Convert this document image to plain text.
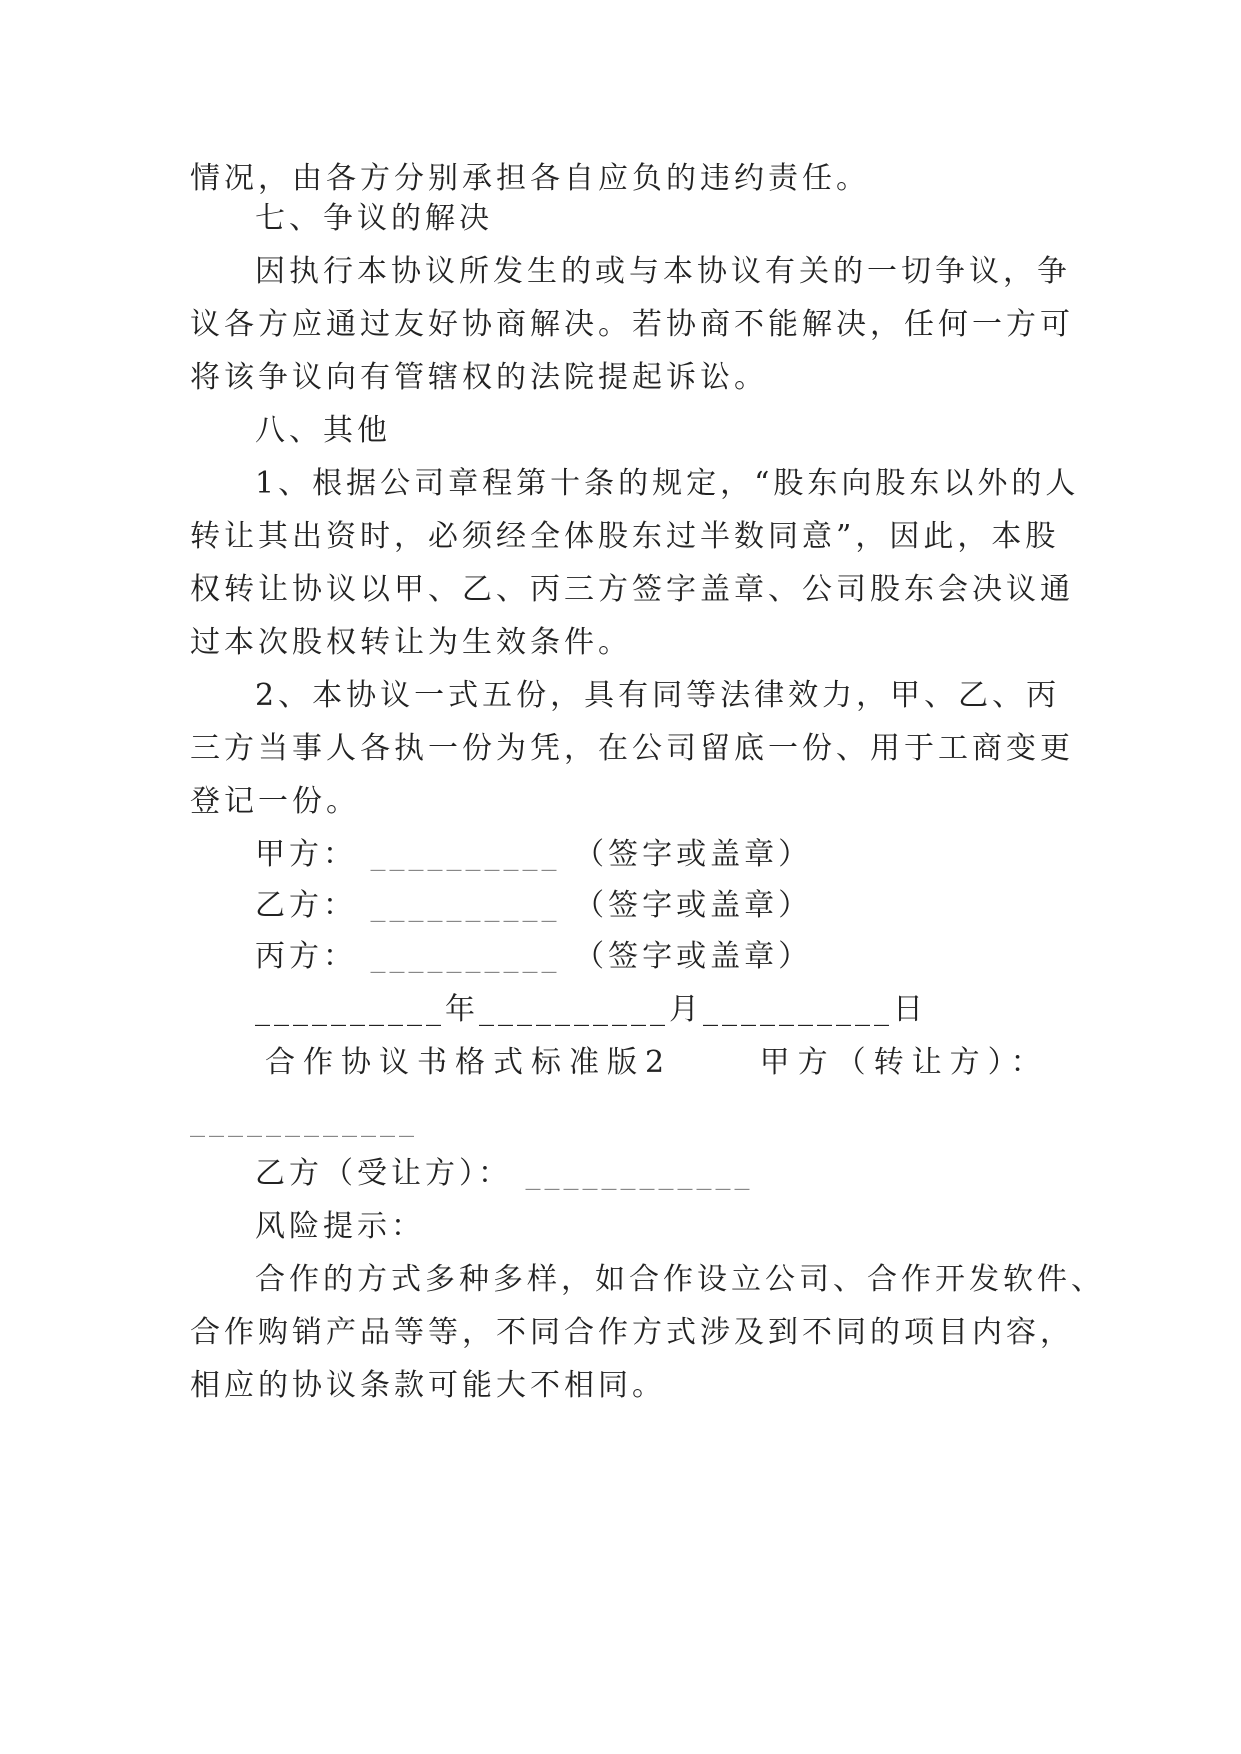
情况，由各方分别承担各自应负的违约责任。
七、争议的解决
因执行本协议所发生的或与本协议有关的一切争议，争
议各方应通过友好协商解决。若协商不能解决，任何一方可
将该争议向有管辖权的法院提起诉讼。
八、其他
1、根据公司章程第十条的规定，“股东向股东以外的人
转让其出资时，必须经全体股东过半数同意”，因此，本股
权转让协议以甲、乙、丙三方签字盖章、公司股东会决议通
过本次股权转让为生效条件。
2、本协议一式五份，具有同等法律效力，甲、乙、丙
三方当事人各执一份为凭，在公司留底一份、用于工商变更
登记一份。
甲方： __________ （签字或盖章）
乙方： __________ （签字或盖章）
丙方： __________ （签字或盖章）
__________年__________月__________日
合作协议书格式标准版2	甲方（转让方）：
____________
乙方（受让方）： ____________
风险提示：
合作的方式多种多样，如合作设立公司、合作开发软件、
合作购销产品等等，不同合作方式涉及到不同的项目内容，
相应的协议条款可能大不相同。
